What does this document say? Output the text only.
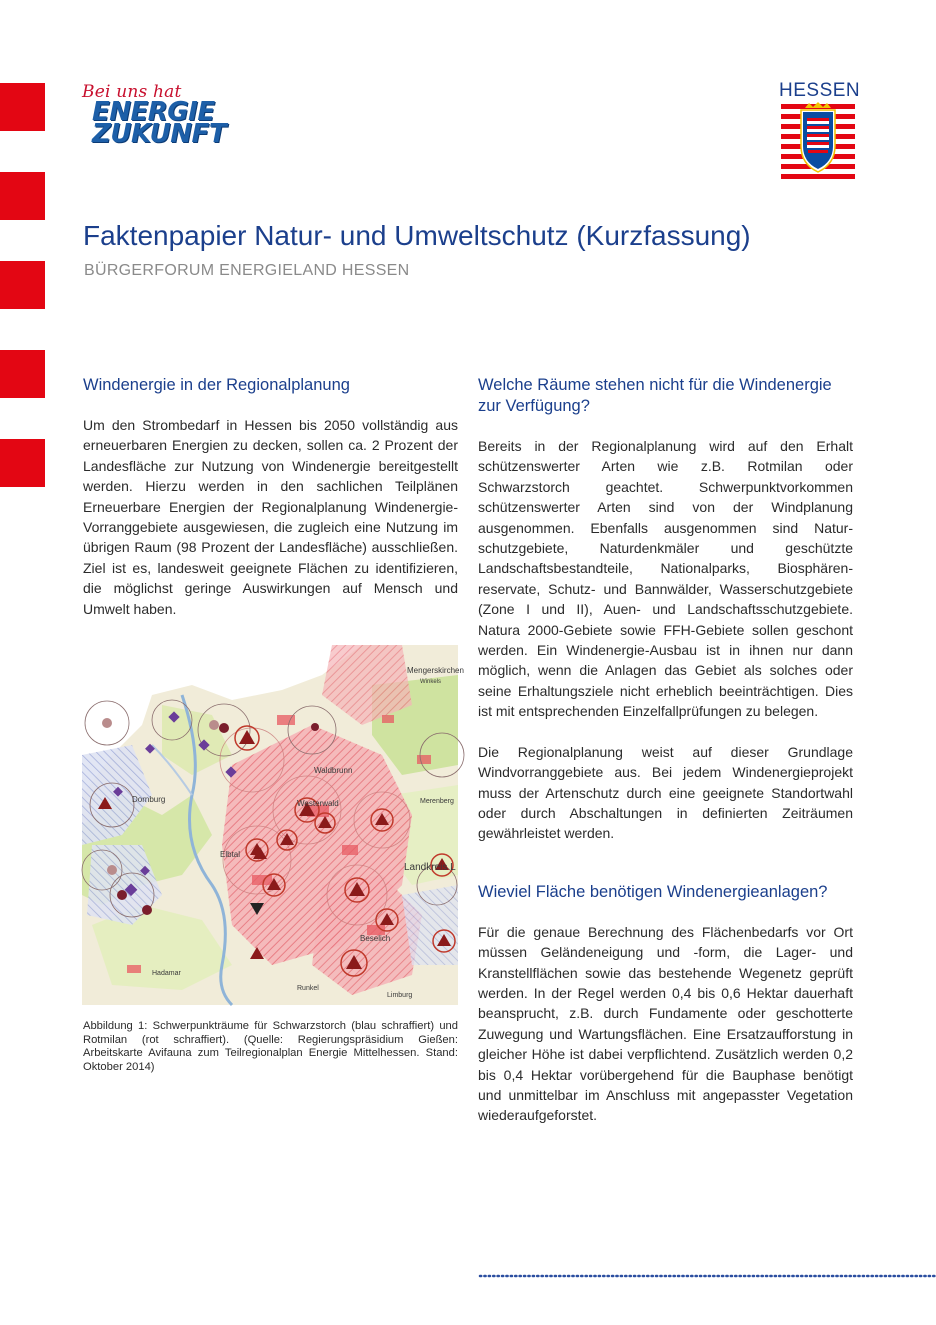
Bei uns hat
ENERGIE
ZUKUNFT
HESSEN
Faktenpapier Natur- und Umweltschutz (Kurzfassung)
BÜRGERFORUM ENERGIELAND HESSEN
Windenergie in der Regionalplanung

Um den Strombedarf in Hessen bis 2050 vollständig aus erneuerbaren Energien zu decken, sollen ca. 2 Prozent der Landesfläche zur Nutzung von Windenergie bereitgestellt werden. Hierzu werden in den sachlichen Teilplänen Erneuerbare Energien der Regionalplanung Windenergie-Vorranggebiete ausgewiesen, die zugleich eine Nutzung im übrigen Raum (98 Prozent der Landesfläche) ausschließen. Ziel ist es, landesweit geeignete Flächen zu identifizieren, die möglichst geringe Auswirkungen auf Mensch und Umwelt haben.

Mengerskirchen
Winkels
Waldbrunn
Westerwald
Dornburg
Elbtal
Merenberg
Landkreis L
Beselich
Hadamar
Runkel
Limburg

Abbildung 1: Schwerpunkträume für Schwarzstorch (blau schraffiert) und Rotmilan (rot schraffiert). (Quelle: Regierungspräsidium Gießen: Arbeitskarte Avifauna zum Teilregionalplan Energie Mittelhessen. Stand: Oktober 2014)

Welche Räume stehen nicht für die Windenergie zur Verfügung?

Bereits in der Regionalplanung wird auf den Erhalt schützenswerter Arten wie z.B. Rotmilan oder Schwarzstorch geachtet. Schwerpunktvorkommen schützenswerter Arten sind von der Windplanung ausgenommen. Ebenfalls ausgenommen sind Naturschutzgebiete, Naturdenkmäler und geschützte Landschaftsbestandteile, Nationalparks, Biosphärenreservate, Schutz- und Bannwälder, Wasserschutzgebiete (Zone I und II), Auen- und Landschaftsschutzgebiete. Natura 2000-Gebiete sowie FFH-Gebiete sollen geschont werden. Ein Windenergie-Ausbau ist in ihnen nur dann möglich, wenn die Anlagen das Gebiet als solches oder seine Erhaltungsziele nicht erheblich beeinträchtigen. Dies ist mit entsprechenden Einzelfallprüfungen zu belegen.

Die Regionalplanung weist auf dieser Grundlage Windvorranggebiete aus. Bei jedem Windenergieprojekt muss der Artenschutz durch eine geeignete Standortwahl oder durch Abschaltungen in definierten Zeiträumen gewährleistet werden.

Wieviel Fläche benötigen Windenergieanlagen?

Für die genaue Berechnung des Flächenbedarfs vor Ort müssen Geländeneigung und -form, die Lager- und Kranstellflächen sowie das bestehende Wegenetz geprüft werden. In der Regel werden 0,4 bis 0,6 Hektar dauerhaft beansprucht, z.B. durch Fundamente oder geschotterte Zuwegung und Wartungsflächen. Eine Ersatzaufforstung in gleicher Höhe ist dabei verpflichtend. Zusätzlich werden 0,2 bis 0,4 Hektar vorübergehend für die Bauphase benötigt und unmittelbar im Anschluss mit angepasster Vegetation wiederaufgeforstet.
